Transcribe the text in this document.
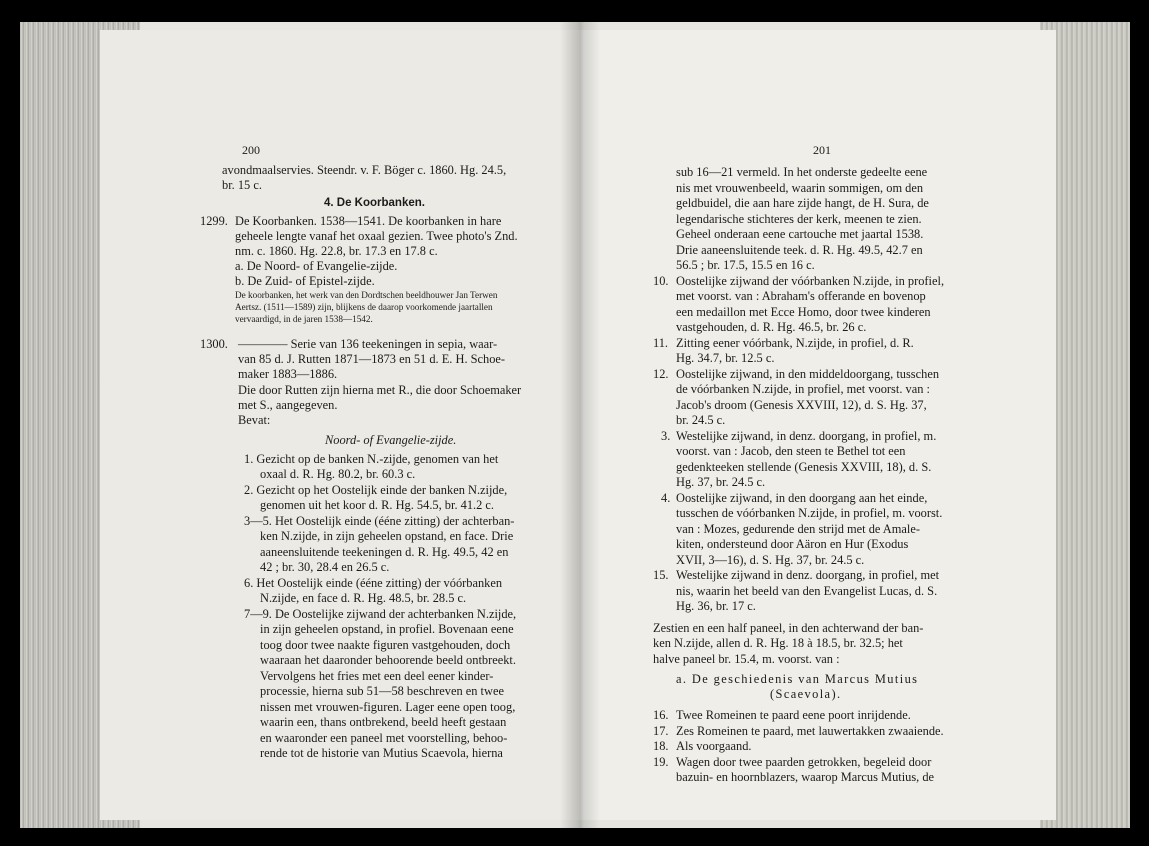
200
avondmaalservies. Steendr. v. F. Böger c. 1860. Hg. 24.5,
br. 15 c.
4. De Koorbanken.
1299. De Koorbanken. 1538—1541. De koorbanken in hare
geheele lengte vanaf het oxaal gezien. Twee photo's Znd.
nm. c. 1860. Hg. 22.8, br. 17.3 en 17.8 c.
a. De Noord- of Evangelie-zijde.
b. De Zuid- of Epistel-zijde.
De koorbanken, het werk van den Dordtschen beeldhouwer Jan Terwen
Aertsz. (1511—1589) zijn, blijkens de daarop voorkomende jaartallen
vervaardigd, in de jaren 1538—1542.
1300. ———— Serie van 136 teekeningen in sepia, waar-
van 85 d. J. Rutten 1871—1873 en 51 d. E. H. Schoe-
maker 1883—1886.
Die door Rutten zijn hierna met R., die door Schoemaker
met S., aangegeven.
Bevat:
Noord- of Evangelie-zijde.
1. Gezicht op de banken N.-zijde, genomen van het
oxaal d. R. Hg. 80.2, br. 60.3 c.
2. Gezicht op het Oostelijk einde der banken N.zijde,
genomen uit het koor d. R. Hg. 54.5, br. 41.2 c.
3—5. Het Oostelijk einde (ééne zitting) der achterban-
ken N.zijde, in zijn geheelen opstand, en face. Drie
aaneensluitende teekeningen d. R. Hg. 49.5, 42 en
42 ; br. 30, 28.4 en 26.5 c.
6. Het Oostelijk einde (ééne zitting) der vóórbanken
N.zijde, en face d. R. Hg. 48.5, br. 28.5 c.
7—9. De Oostelijke zijwand der achterbanken N.zijde,
in zijn geheelen opstand, in profiel. Bovenaan eene
toog door twee naakte figuren vastgehouden, doch
waaraan het daaronder behoorende beeld ontbreekt.
Vervolgens het fries met een deel eener kinder-
processie, hierna sub 51—58 beschreven en twee
nissen met vrouwen-figuren. Lager eene open toog,
waarin een, thans ontbrekend, beeld heeft gestaan
en waaronder een paneel met voorstelling, behoo-
rende tot de historie van Mutius Scaevola, hierna
201
sub 16—21 vermeld. In het onderste gedeelte eene
nis met vrouwenbeeld, waarin sommigen, om den
geldbuidel, die aan hare zijde hangt, de H. Sura, de
legendarische stichteres der kerk, meenen te zien.
Geheel onderaan eene cartouche met jaartal 1538.
Drie aaneensluitende teek. d. R. Hg. 49.5, 42.7 en
56.5 ; br. 17.5, 15.5 en 16 c.
10. Oostelijke zijwand der vóórbanken N.zijde, in profiel,
met voorst. van : Abraham's offerande en bovenop
een medaillon met Ecce Homo, door twee kinderen
vastgehouden, d. R. Hg. 46.5, br. 26 c.
11. Zitting eener vóórbank, N.zijde, in profiel, d. R.
Hg. 34.7, br. 12.5 c.
12. Oostelijke zijwand, in den middeldoorgang, tusschen
de vóórbanken N.zijde, in profiel, met voorst. van :
Jacob's droom (Genesis XXVIII, 12), d. S. Hg. 37,
br. 24.5 c.
3. Westelijke zijwand, in denz. doorgang, in profiel, m.
voorst. van : Jacob, den steen te Bethel tot een
gedenkteeken stellende (Genesis XXVIII, 18), d. S.
Hg. 37, br. 24.5 c.
4. Oostelijke zijwand, in den doorgang aan het einde,
tusschen de vóórbanken N.zijde, in profiel, m. voorst.
van : Mozes, gedurende den strijd met de Amale-
kiten, ondersteund door Aäron en Hur (Exodus
XVII, 3—16), d. S. Hg. 37, br. 24.5 c.
15. Westelijke zijwand in denz. doorgang, in profiel, met
nis, waarin het beeld van den Evangelist Lucas, d. S.
Hg. 36, br. 17 c.
Zestien en een half paneel, in den achterwand der ban-
ken N.zijde, allen d. R. Hg. 18 à 18.5, br. 32.5; het
halve paneel br. 15.4, m. voorst. van :
a. De geschiedenis van Marcus Mutius
(Scaevola).
16. Twee Romeinen te paard eene poort inrijdende.
17. Zes Romeinen te paard, met lauwertakken zwaaiende.
18. Als voorgaand.
19. Wagen door twee paarden getrokken, begeleid door
bazuin- en hoornblazers, waarop Marcus Mutius, de
